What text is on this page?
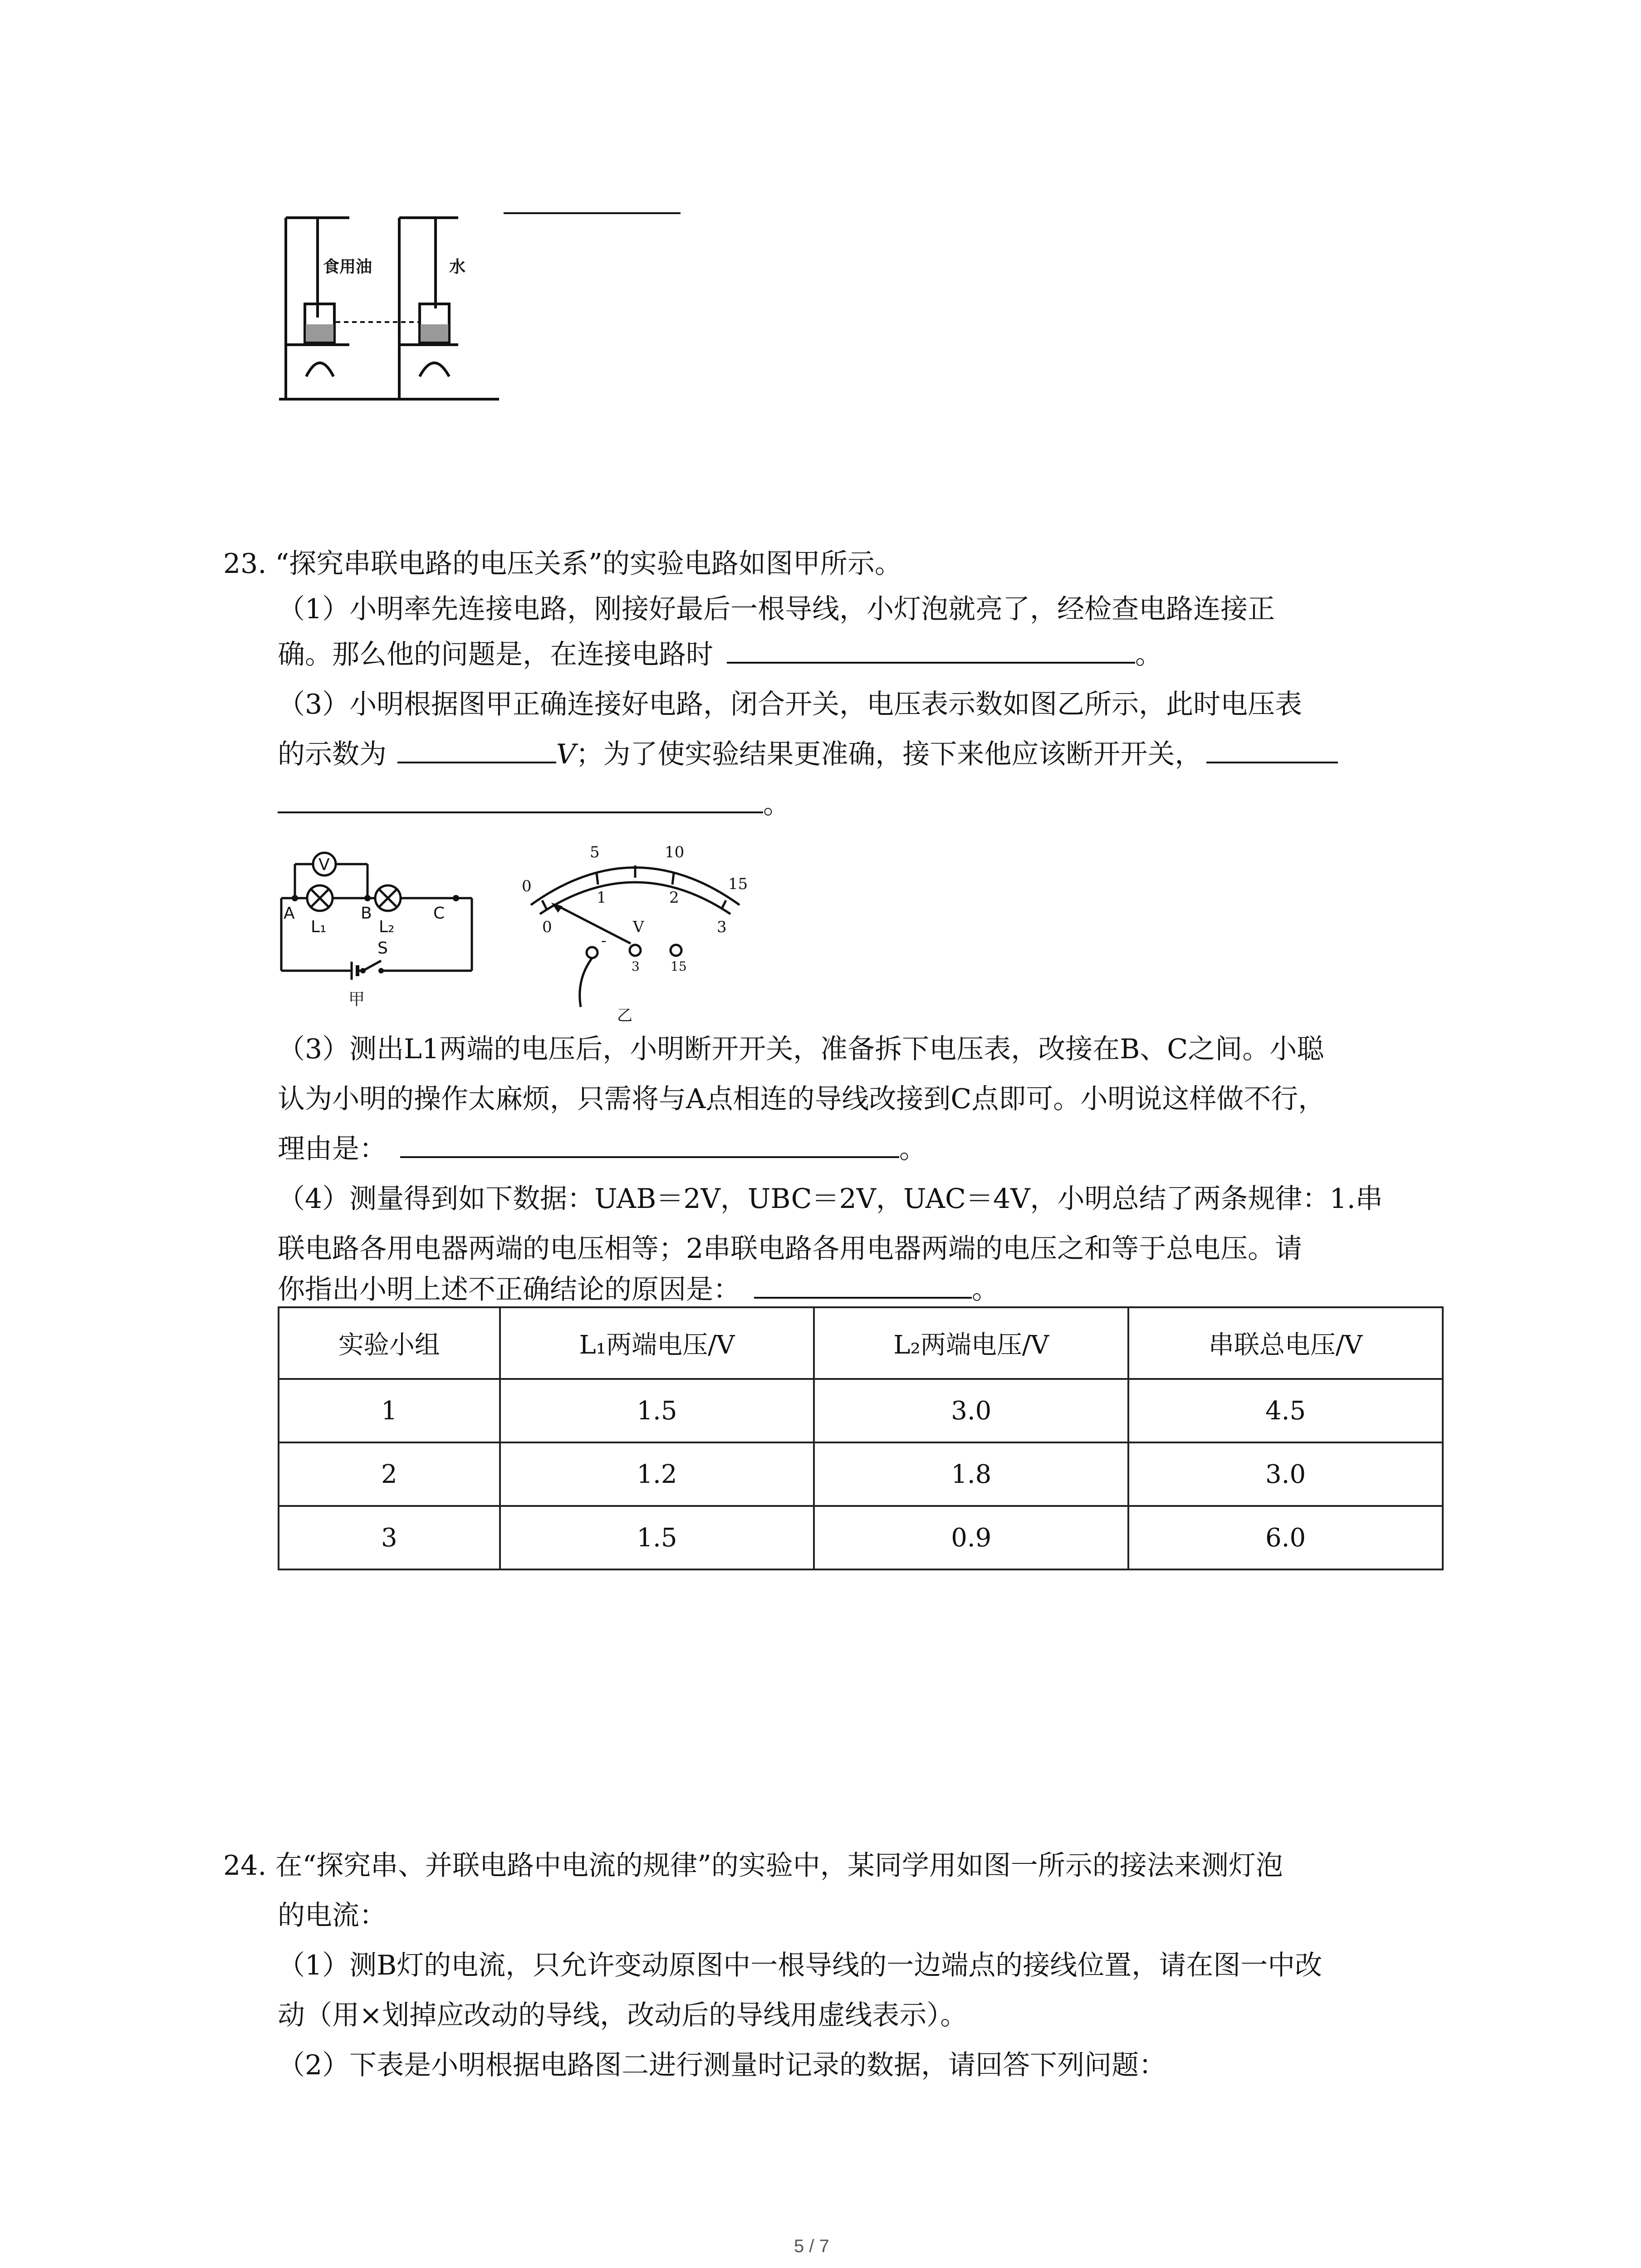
食用油	水
23. “探究串联电路的电压关系”的实验电路如图甲所示。
（1）小明率先连接电路，刚接好最后一根导线，小灯泡就亮了，经检查电路连接正
确。那么他的问题是，在连接电路时	。
（3）小明根据图甲正确连接好电路，闭合开关，电压表示数如图乙所示，此时电压表
的示数为	V；为了使实验结果更准确，接下来他应该断开开关，
。
V
A	B	C
L₁	L₂
S
甲
0
5	10
15
0
1	2
3
V
-
3 15
乙
（3）测出L1两端的电压后，小明断开开关，准备拆下电压表，改接在B、C之间。小聪
认为小明的操作太麻烦，只需将与A点相连的导线改接到C点即可。小明说这样做不行，
理由是：	。
（4）测量得到如下数据：UAB＝2V，UBC＝2V，UAC＝4V，小明总结了两条规律：1.串
联电路各用电器两端的电压相等；2串联电路各用电器两端的电压之和等于总电压。请
你指出小明上述不正确结论的原因是：	。
实验小组	L₁两端电压/V	L₂两端电压/V	串联总电压/V
1	1.5	3.0	4.5
2	1.2	1.8	3.0
3	1.5	0.9	6.0
24. 在“探究串、并联电路中电流的规律”的实验中，某同学用如图一所示的接法来测灯泡
的电流：
（1）测B灯的电流，只允许变动原图中一根导线的一边端点的接线位置，请在图一中改
动（用×划掉应改动的导线，改动后的导线用虚线表示）。
（2）下表是小明根据电路图二进行测量时记录的数据，请回答下列问题：
5 / 7
